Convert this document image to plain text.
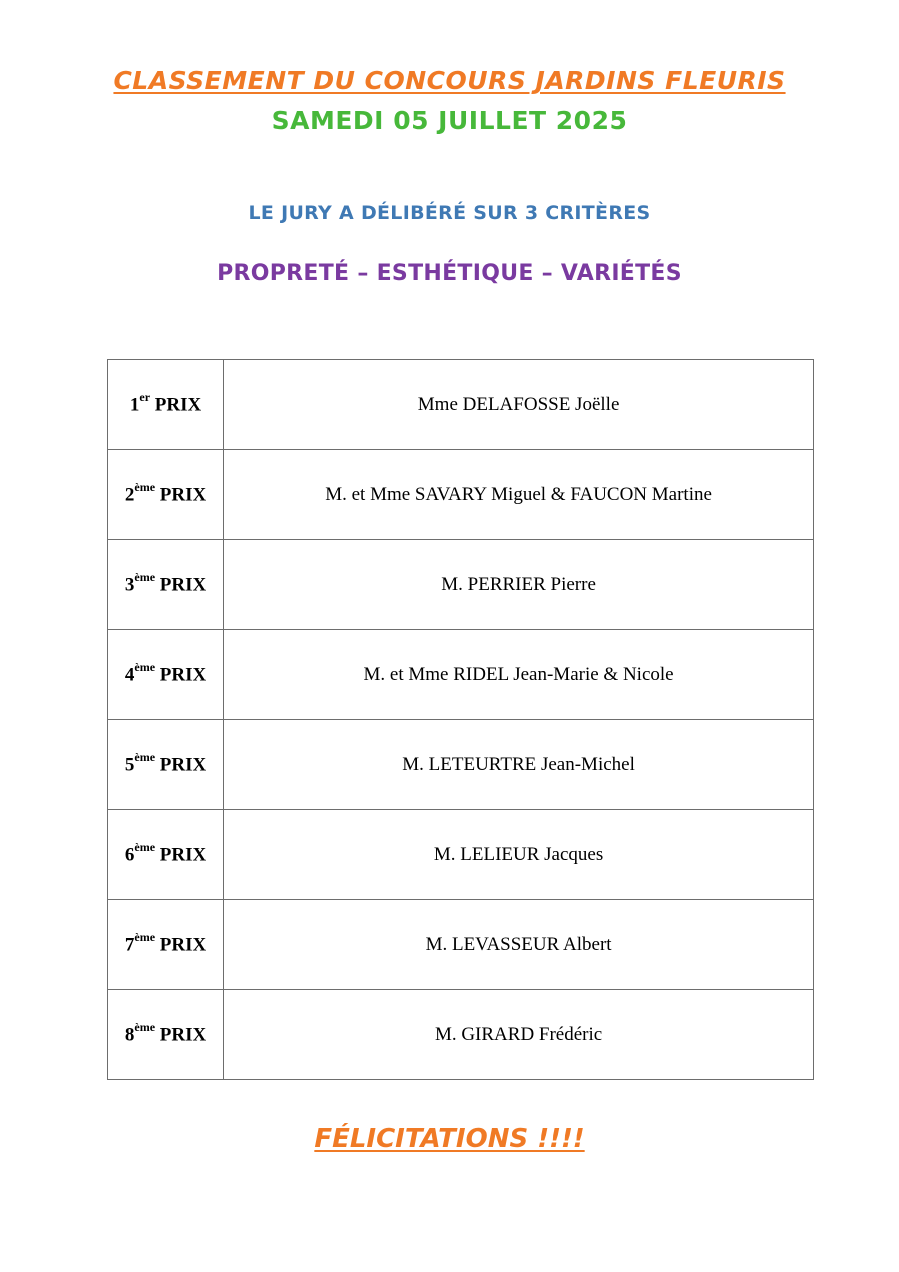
CLASSEMENT DU CONCOURS JARDINS FLEURIS
SAMEDI 05 JUILLET 2025
LE JURY A DÉLIBÉRÉ SUR 3 CRITÈRES
PROPRETÉ – ESTHÉTIQUE – VARIÉTÉS
1er PRIX	Mme DELAFOSSE Joëlle
2ème PRIX	M. et Mme SAVARY Miguel & FAUCON Martine
3ème PRIX	M. PERRIER Pierre
4ème PRIX	M. et Mme RIDEL Jean-Marie & Nicole
5ème PRIX	M. LETEURTRE Jean-Michel
6ème PRIX	M. LELIEUR Jacques
7ème PRIX	M. LEVASSEUR Albert
8ème PRIX	M. GIRARD Frédéric
FÉLICITATIONS !!!!
